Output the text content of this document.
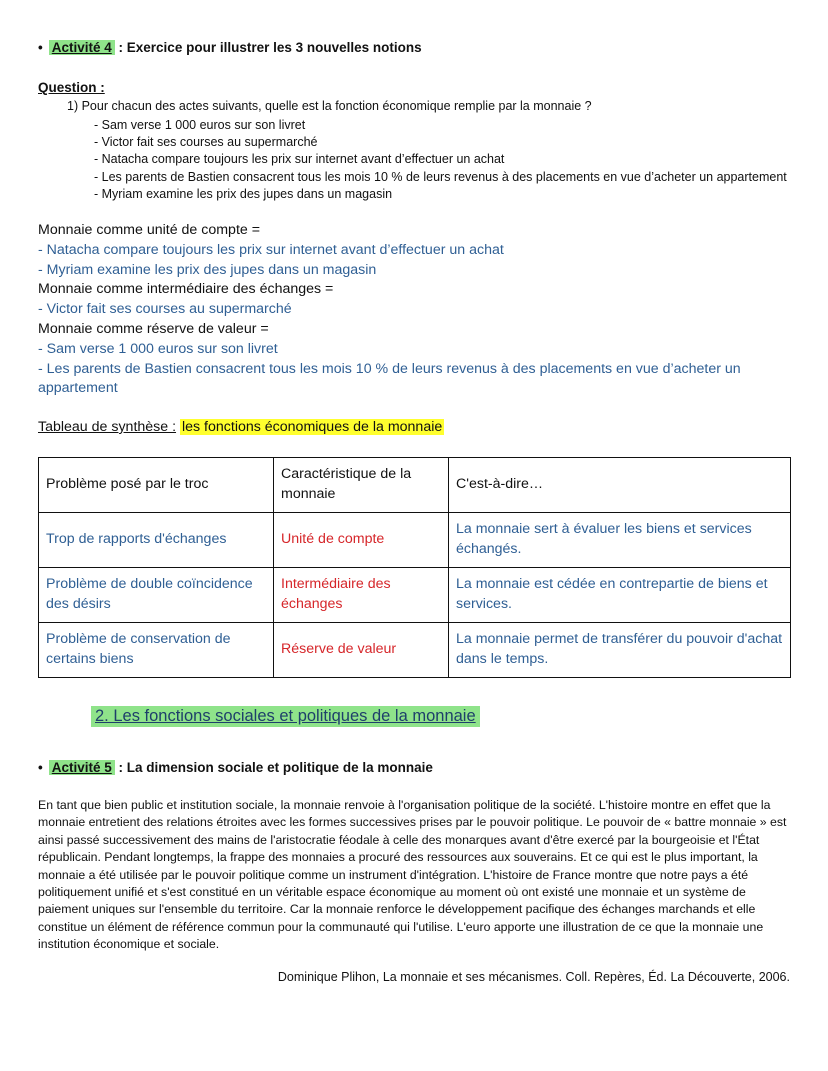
• Activité 4 : Exercice pour illustrer les 3 nouvelles notions
Question :
1) Pour chacun des actes suivants, quelle est la fonction économique remplie par la monnaie ?
- Sam verse 1 000 euros sur son livret
- Victor fait ses courses au supermarché
- Natacha compare toujours les prix sur internet avant d’effectuer un achat
- Les parents de Bastien consacrent tous les mois 10 % de leurs revenus à des placements en vue d’acheter un appartement
- Myriam examine les prix des jupes dans un magasin
Monnaie comme unité de compte =
- Natacha compare toujours les prix sur internet avant d’effectuer un achat
- Myriam examine les prix des jupes dans un magasin
Monnaie comme intermédiaire des échanges =
- Victor fait ses courses au supermarché
Monnaie comme réserve de valeur =
- Sam verse 1 000 euros sur son livret
- Les parents de Bastien consacrent tous les mois 10 % de leurs revenus à des placements en vue d’acheter un appartement
Tableau de synthèse : les fonctions économiques de la monnaie
Problème posé par le troc	Caractéristique de la monnaie	C'est-à-dire…
Trop de rapports d'échanges	Unité de compte	La monnaie sert à évaluer les biens et services échangés.
Problème de double coïncidence des désirs	Intermédiaire des échanges	La monnaie est cédée en contrepartie de biens et services.
Problème de conservation de certains biens	Réserve de valeur	La monnaie permet de transférer du pouvoir d'achat dans le temps.
2. Les fonctions sociales et politiques de la monnaie
• Activité 5 : La dimension sociale et politique de la monnaie

En tant que bien public et institution sociale, la monnaie renvoie à l'organisation politique de la société. L'histoire montre en effet que la monnaie entretient des relations étroites avec les formes successives prises par le pouvoir politique. Le pouvoir de « battre monnaie » est ainsi passé successivement des mains de l'aristocratie féodale à celle des monarques avant d'être exercé par la bourgeoisie et l'État républicain. Pendant longtemps, la frappe des monnaies a procuré des ressources aux souverains. Et ce qui est le plus important, la monnaie a été utilisée par le pouvoir politique comme un instrument d'intégration. L'histoire de France montre que notre pays a été politiquement unifié et s'est constitué en un véritable espace économique au moment où ont existé une monnaie et un système de paiement uniques sur l'ensemble du territoire. Car la monnaie renforce le développement pacifique des échanges marchands et elle constitue un élément de référence commun pour la communauté qui l'utilise. L'euro apporte une illustration de ce que la monnaie une institution économique et sociale.

Dominique Plihon, La monnaie et ses mécanismes. Coll. Repères, Éd. La Découverte, 2006.
